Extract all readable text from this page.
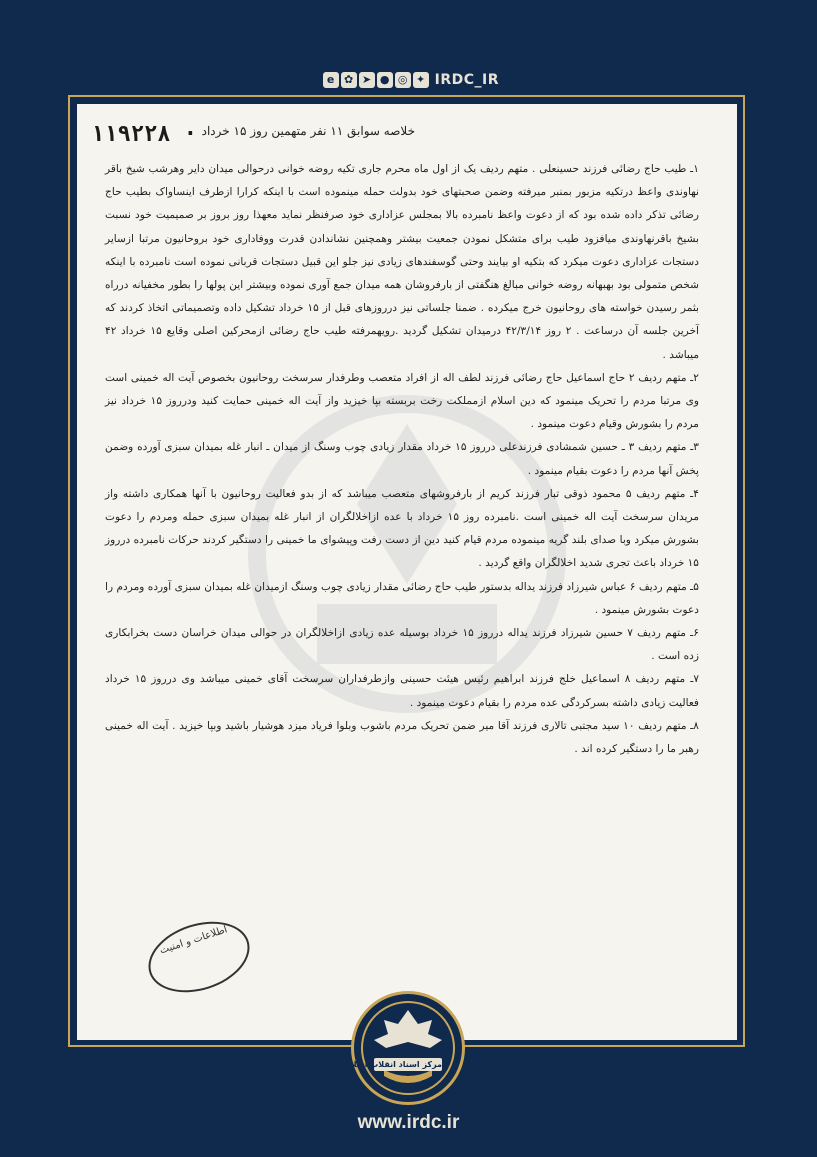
e ✿ ➤ ● ◎ ✦ IRDC_IR
۱۱۹۲۲۸ · خلاصه سوابق ۱۱ نفر متهمین روز ۱۵ خرداد

۱ـ طیب حاج رضائی فرزند حسینعلی . متهم ردیف یک از اول ماه محرم جاری تکیه روضه خوانی درحوالی میدان دایر وهرشب شیخ باقر نهاوندی واعظ درتکیه مزبور بمنبر میرفته وضمن صحبتهای خود بدولت حمله مینموده است با اینکه کرارا ازطرف اینساواک بطیب حاج رضائی تذکر داده شده بود که از دعوت واعظ نامبرده بالا بمجلس عزاداری خود صرفنظر نماید معهذا روز بروز بر صمیمیت خود نسبت بشیخ باقرنهاوندی میافزود طیب برای متشکل نمودن جمعیت بیشتر وهمچنین نشاندادن قدرت ووفاداری خود بروحانیون مرتبا ازسایر دستجات عزاداری دعوت میکرد که بتکیه او بیایند وحتی گوسفندهای زیادی نیز جلو این قبیل دستجات قربانی نموده است نامبرده با اینکه شخص متمولی بود بهبهانه روضه خوانی مبالغ هنگفتی از بارفروشان همه میدان جمع آوری نموده وبیشتر این پولها را بطور مخفیانه درراه بثمر رسیدن خواسته های روحانیون خرج میکرده . ضمنا جلساتی نیز درروزهای قبل از ۱۵ خرداد تشکیل داده وتصمیماتی اتخاذ کردند که آخرین جلسه آن درساعت . ۲ روز ۴۲/۳/۱۴ درمیدان تشکیل گردید .رویهمرفته طیب حاج رضائی ازمحرکین اصلی وقایع ۱۵ خرداد ۴۲ میباشد .

۲ـ متهم ردیف ۲ حاج اسماعیل حاج رضائی فرزند لطف اله از افراد متعصب وطرفدار سرسخت روحانیون بخصوص آیت اله خمینی است وی مرتبا مردم را تحریک مینمود که دین اسلام ازمملکت رخت بربسته بپا خیزید واز آیت اله خمینی حمایت کنید ودرروز ۱۵ خرداد نیز مردم را بشورش وقیام دعوت مینمود .

۳ـ متهم ردیف ۳ ـ حسین شمشادی فرزندعلی درروز ۱۵ خرداد مقدار زیادی چوب وسنگ از میدان ـ انبار غله بمیدان سبزی آورده وضمن پخش آنها مردم را دعوت بقیام مینمود .

۴ـ متهم ردیف ۵ محمود ذوقی تبار فرزند کریم از بارفروشهای متعصب میباشد که از بدو فعالیت روحانیون با آنها همکاری داشته واز مریدان سرسخت آیت اله خمینی است .نامبرده روز ۱۵ خرداد با عده ازاخلالگران از انبار غله بمیدان سبزی حمله ومردم را دعوت بشورش میکرد وبا صدای بلند گریه مینموده مردم قیام کنید دین از دست رفت وپیشوای ما خمینی را دستگیر کردند حرکات نامبرده درروز ۱۵ خرداد باعث تجری شدید اخلالگران واقع گردید .

۵ـ متهم ردیف ۶ عباس شیرزاد فرزند یداله بدستور طیب حاج رضائی مقدار زیادی چوب وسنگ ازمیدان غله بمیدان سبزی آورده ومردم را دعوت بشورش مینمود .

۶ـ متهم ردیف ۷ حسین شیرزاد فرزند یداله درروز ۱۵ خرداد بوسیله عده زیادی ازاخلالگران در حوالی میدان خراسان دست بخرابکاری زده است .

۷ـ متهم ردیف ۸ اسماعیل خلج فرزند ابراهیم رئیس هیئت حسینی وازطرفداران سرسخت آقای خمینی میباشد وی درروز ۱۵ خرداد فعالیت زیادی داشته بسرکردگی عده مردم را بقیام دعوت مینمود .

۸ـ متهم ردیف ۱۰ سید مجتبی تالاری فرزند آقا میر ضمن تحریک مردم باشوب وبلوا فریاد میزد هوشیار باشید وبپا خیزید . آیت اله خمینی رهبر ما را دستگیر کرده اند .

اطلاعات و امنیت
مرکز اسناد انقلاب اسلامی
www.irdc.ir
